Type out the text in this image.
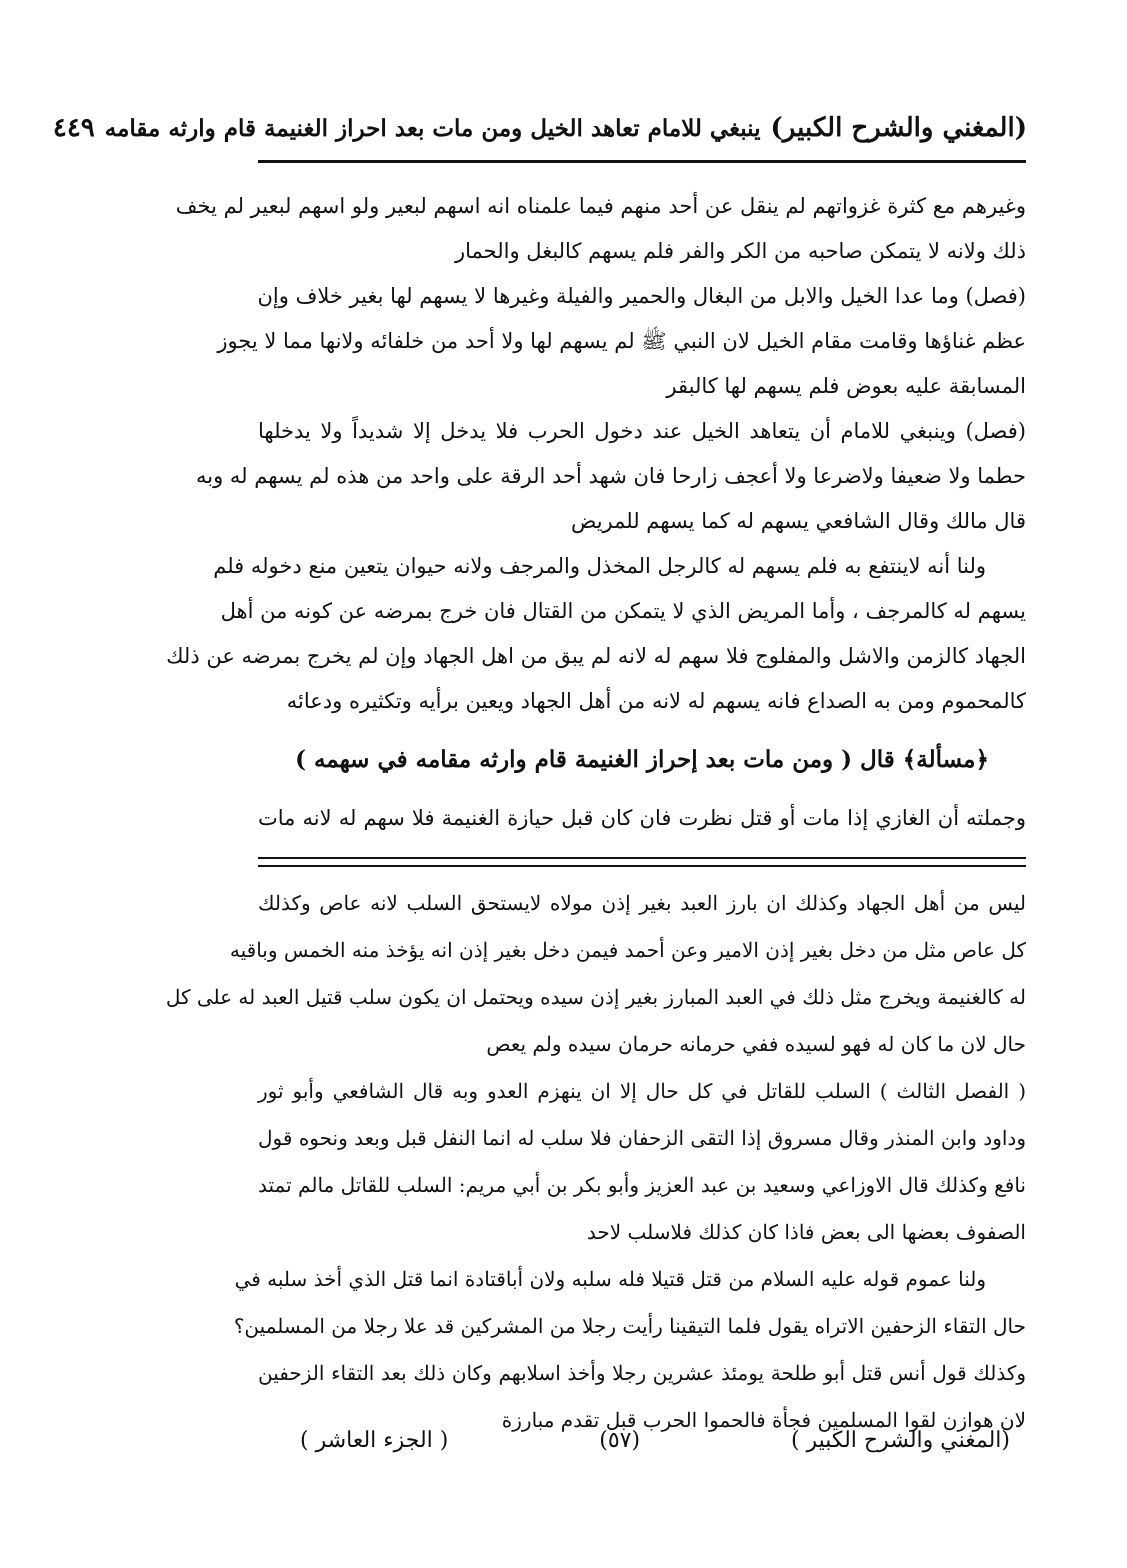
(المغني والشرح الكبير)
ينبغي للامام تعاهد الخيل ومن مات بعد احراز الغنيمة قام وارثه مقامه
٤٤٩
وغيرهم مع كثرة غزواتهم لم ينقل عن أحد منهم فيما علمناه انه اسهم لبعير ولو اسهم لبعير لم يخف
ذلك ولانه لا يتمكن صاحبه من الكر والفر فلم يسهم كالبغل والحمار
(فصل) وما عدا الخيل والابل من البغال والحمير والفيلة وغيرها لا يسهم لها بغير خلاف وإن
عظم غناؤها وقامت مقام الخيل لان النبي ﷺ لم يسهم لها ولا أحد من خلفائه ولانها مما لا يجوز
المسابقة عليه بعوض فلم يسهم لها كالبقر
(فصل) وينبغي للامام أن يتعاهد الخيل عند دخول الحرب فلا يدخل إلا شديداً ولا يدخلها
حطما ولا ضعيفا ولاضرعا ولا أعجف زارحا فان شهد أحد الرقة على واحد من هذه لم يسهم له وبه
قال مالك وقال الشافعي يسهم له كما يسهم للمريض
ولنا أنه لاينتفع به فلم يسهم له كالرجل المخذل والمرجف ولانه حيوان يتعين منع دخوله فلم
يسهم له كالمرجف ، وأما المريض الذي لا يتمكن من القتال فان خرج بمرضه عن كونه من أهل
الجهاد كالزمن والاشل والمفلوج فلا سهم له لانه لم يبق من اهل الجهاد وإن لم يخرج بمرضه عن ذلك
كالمحموم ومن به الصداع فانه يسهم له لانه من أهل الجهاد ويعين برأيه وتكثيره ودعائه
﴿مسألة﴾ قال ( ومن مات بعد إحراز الغنيمة قام وارثه مقامه في سهمه )
وجملته أن الغازي إذا مات أو قتل نظرت فان كان قبل حيازة الغنيمة فلا سهم له لانه مات
ليس من أهل الجهاد وكذلك ان بارز العبد بغير إذن مولاه لايستحق السلب لانه عاص وكذلك
كل عاص مثل من دخل بغير إذن الامير وعن أحمد فيمن دخل بغير إذن انه يؤخذ منه الخمس وباقيه
له كالغنيمة ويخرج مثل ذلك في العبد المبارز بغير إذن سيده ويحتمل ان يكون سلب قتيل العبد له على كل
حال لان ما كان له فهو لسيده ففي حرمانه حرمان سيده ولم يعص
( الفصل الثالث ) السلب للقاتل في كل حال إلا ان ينهزم العدو وبه قال الشافعي وأبو ثور
وداود وابن المنذر وقال مسروق إذا التقى الزحفان فلا سلب له انما النفل قبل وبعد ونحوه قول
نافع وكذلك قال الاوزاعي وسعيد بن عبد العزيز وأبو بكر بن أبي مريم: السلب للقاتل مالم تمتد
الصفوف بعضها الى بعض فاذا كان كذلك فلاسلب لاحد
ولنا عموم قوله عليه السلام من قتل قتيلا فله سلبه ولان أباقتادة انما قتل الذي أخذ سلبه في
حال التقاء الزحفين الاتراه يقول فلما التيقينا رأيت رجلا من المشركين قد علا رجلا من المسلمين؟
وكذلك قول أنس قتل أبو طلحة يومئذ عشرين رجلا وأخذ اسلابهم وكان ذلك بعد التقاء الزحفين
لان هوازن لقوا المسلمين فجأة فالحموا الحرب قبل تقدم مبارزة
(المغني والشرح الكبير )
(٥٧)
( الجزء العاشر )
